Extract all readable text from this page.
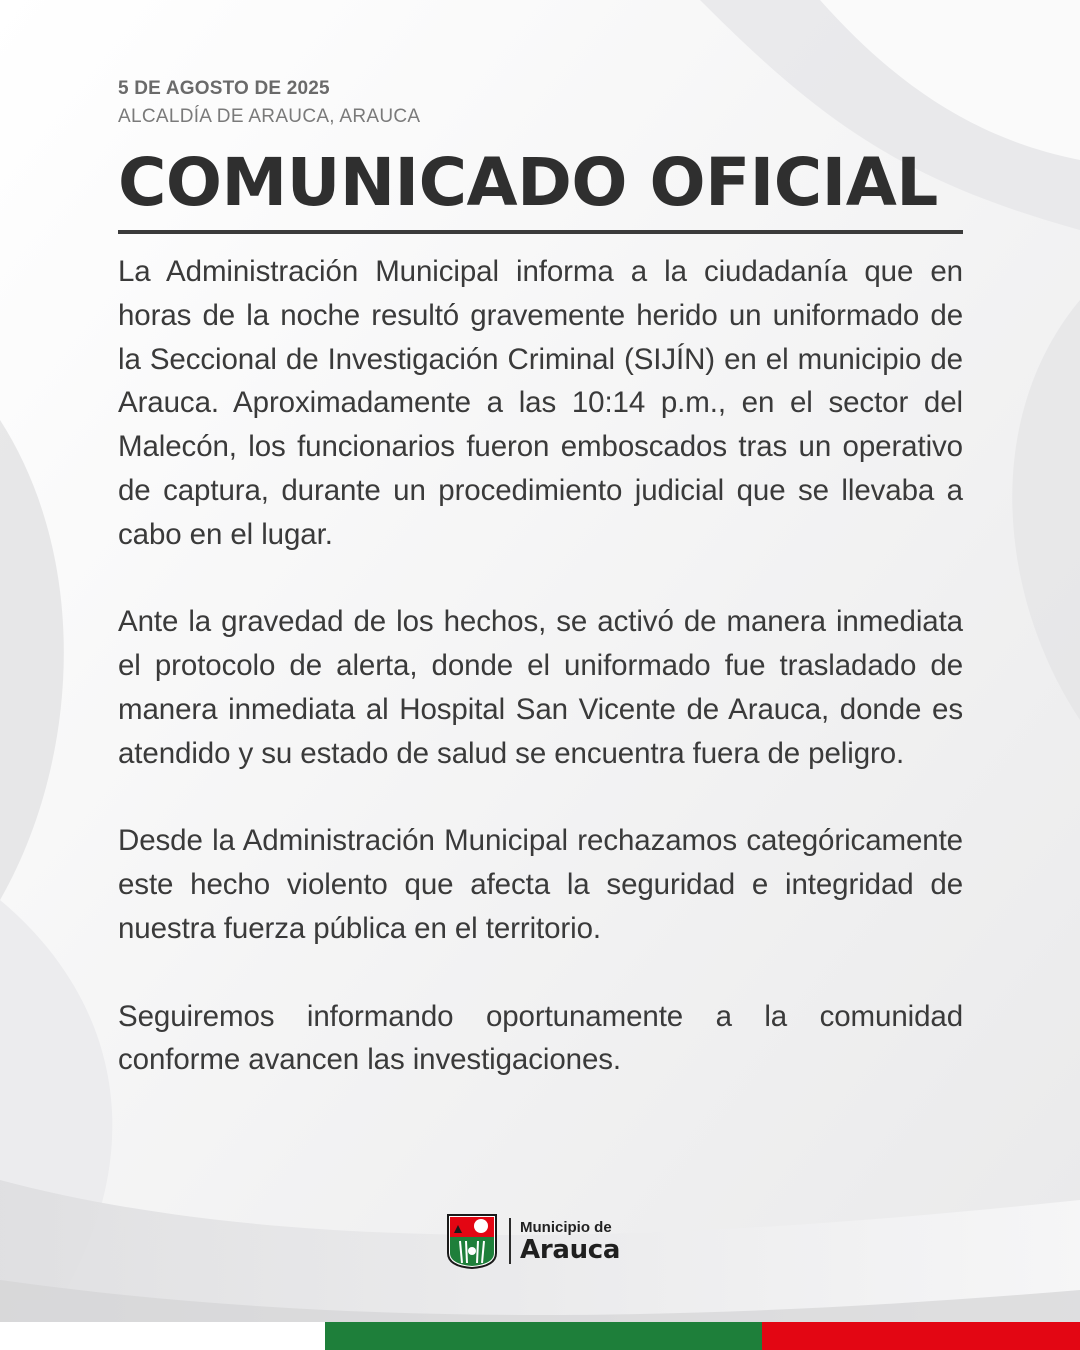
5 DE AGOSTO DE 2025
ALCALDÍA DE ARAUCA, ARAUCA
COMUNICADO OFICIAL

La Administración Municipal informa a la ciudadanía que en horas de la noche resultó gravemente herido un uniformado de la Seccional de Investigación Criminal (SIJÍN) en el municipio de Arauca. Aproximadamente a las 10:14 p.m., en el sector del Malecón, los funcionarios fueron emboscados tras un operativo de captura, durante un procedimiento judicial que se llevaba a cabo en el lugar.

Ante la gravedad de los hechos, se activó de manera inmediata el protocolo de alerta, donde el uniformado fue trasladado de manera inmediata al Hospital San Vicente de Arauca, donde es atendido y su estado de salud se encuentra fuera de peligro.

Desde la Administración Municipal rechazamos categóricamente este hecho violento que afecta la seguridad e integridad de nuestra fuerza pública en el territorio.

Seguiremos informando oportunamente a la comunidad conforme avancen las investigaciones.

Municipio de
Arauca
